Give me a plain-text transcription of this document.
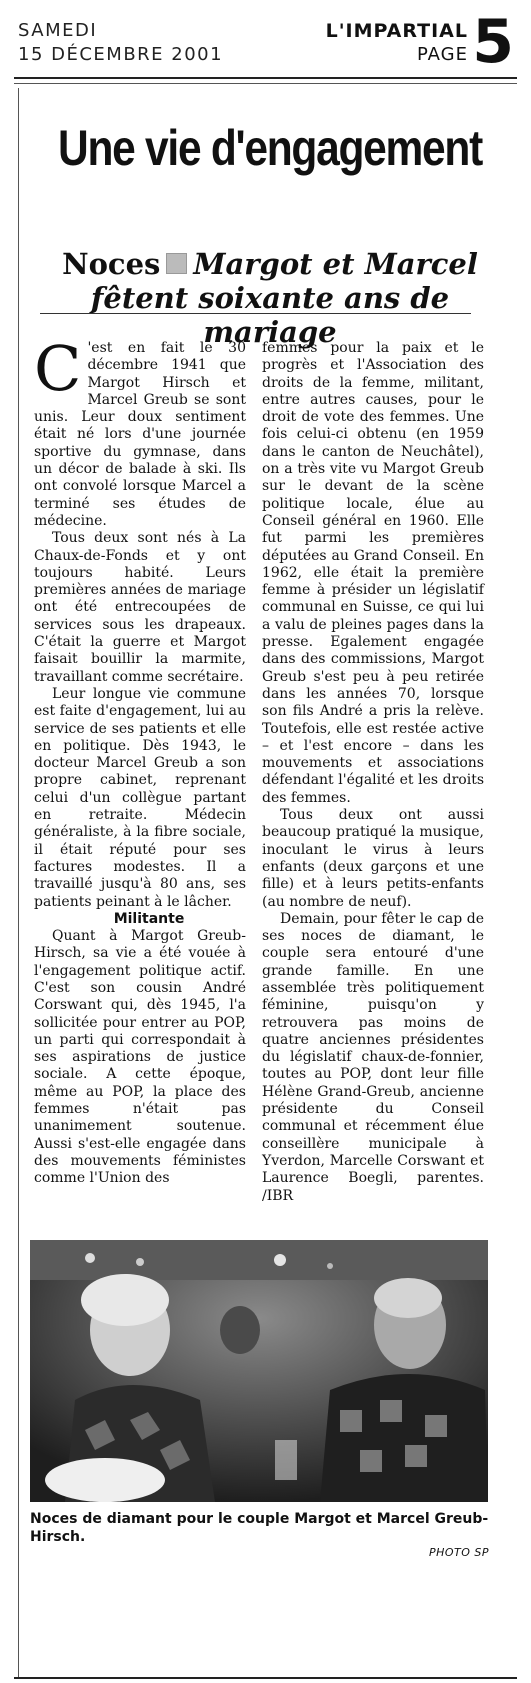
SAMEDI
15 DÉCEMBRE 2001
L'IMPARTIAL
PAGE 5
Une vie d'engagement
Noces Margot et Marcel
fêtent soixante ans de mariage

C 'est en fait le 30 décembre 1941 que Margot Hirsch et Marcel Greub se sont unis. Leur doux sentiment était né lors d'une journée sportive du gymnase, dans un décor de balade à ski. Ils ont convolé lorsque Marcel a terminé ses études de médecine.

Tous deux sont nés à La Chaux-de-Fonds et y ont toujours habité. Leurs premières années de mariage ont été entrecoupées de services sous les drapeaux. C'était la guerre et Margot faisait bouillir la marmite, travaillant comme secrétaire.

Leur longue vie commune est faite d'engagement, lui au service de ses patients et elle en politique. Dès 1943, le docteur Marcel Greub a son propre cabinet, reprenant celui d'un collègue partant en retraite. Médecin généraliste, à la fibre sociale, il était réputé pour ses factures modestes. Il a travaillé jusqu'à 80 ans, ses patients peinant à le lâcher.

Militante

Quant à Margot Greub-Hirsch, sa vie a été vouée à l'engagement politique actif. C'est son cousin André Corswant qui, dès 1945, l'a sollicitée pour entrer au POP, un parti qui correspondait à ses aspirations de justice sociale. A cette époque, même au POP, la place des femmes n'était pas unanimement soutenue. Aussi s'est-elle engagée dans des mouvements féministes comme l'Union des

femmes pour la paix et le progrès et l'Association des droits de la femme, militant, entre autres causes, pour le droit de vote des femmes. Une fois celui-ci obtenu (en 1959 dans le canton de Neuchâtel), on a très vite vu Margot Greub sur le devant de la scène politique locale, élue au Conseil général en 1960. Elle fut parmi les premières députées au Grand Conseil. En 1962, elle était la première femme à présider un législatif communal en Suisse, ce qui lui a valu de pleines pages dans la presse. Egalement engagée dans des commissions, Margot Greub s'est peu à peu retirée dans les années 70, lorsque son fils André a pris la relève. Toutefois, elle est restée active – et l'est encore – dans les mouvements et associations défendant l'égalité et les droits des femmes.

Tous deux ont aussi beaucoup pratiqué la musique, inoculant le virus à leurs enfants (deux garçons et une fille) et à leurs petits-enfants (au nombre de neuf).

Demain, pour fêter le cap de ses noces de diamant, le couple sera entouré d'une grande famille. En une assemblée très politiquement féminine, puisqu'on y retrouvera pas moins de quatre anciennes présidentes du législatif chaux-de-fonnier, toutes au POP, dont leur fille Hélène Grand-Greub, ancienne présidente du Conseil communal et récemment élue conseillère municipale à Yverdon, Marcelle Corswant et Laurence Boegli, parentes. /IBR

Noces de diamant pour le couple Margot et Marcel Greub-Hirsch.
PHOTO SP
